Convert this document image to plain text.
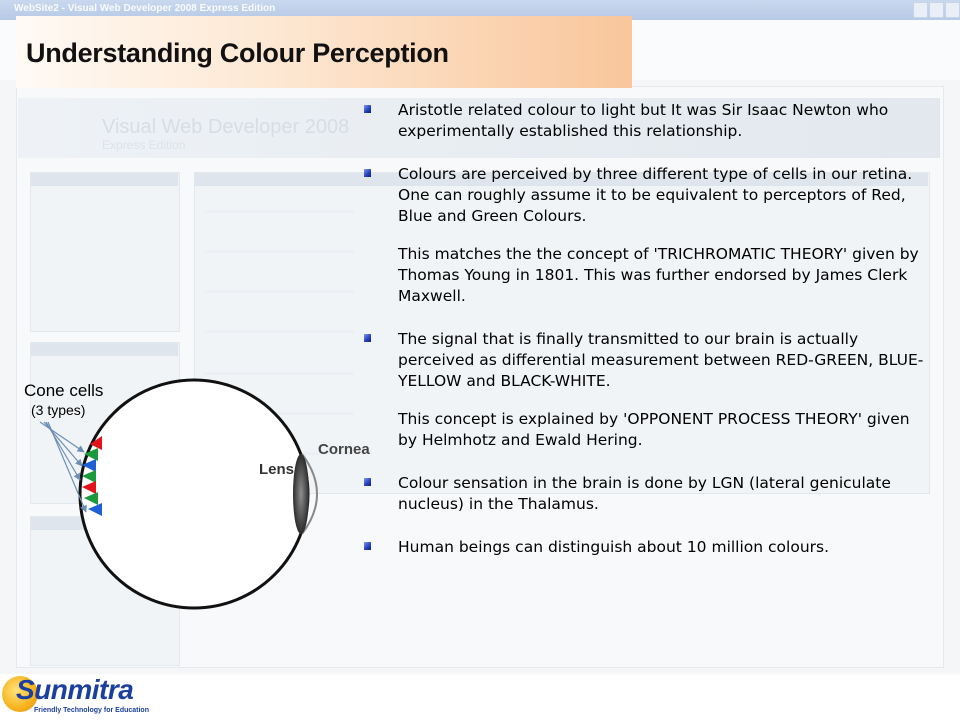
WebSite2 - Visual Web Developer 2008 Express Edition
Visual Web Developer 2008
Express Edition
Understanding Colour Perception
Aristotle related colour to light but It was Sir Isaac Newton who experimentally established this relationship.
Colours are perceived by three different type of cells in our retina. One can roughly assume it to be equivalent to perceptors of Red, Blue and Green Colours.
This matches the the concept of 'TRICHROMATIC THEORY' given by Thomas Young in 1801. This was further endorsed by James Clerk Maxwell.
The signal that is finally transmitted to our brain is actually perceived as differential measurement between RED-GREEN, BLUE-YELLOW and BLACK-WHITE.
This concept is explained by 'OPPONENT PROCESS THEORY' given by Helmhotz and Ewald Hering.
Colour sensation in the brain is done by LGN (lateral geniculate nucleus) in the Thalamus.
Human beings can distinguish about 10 million colours.
Cone cells
(3 types)
Lens
Cornea
Sunmitra
Friendly Technology for Education
